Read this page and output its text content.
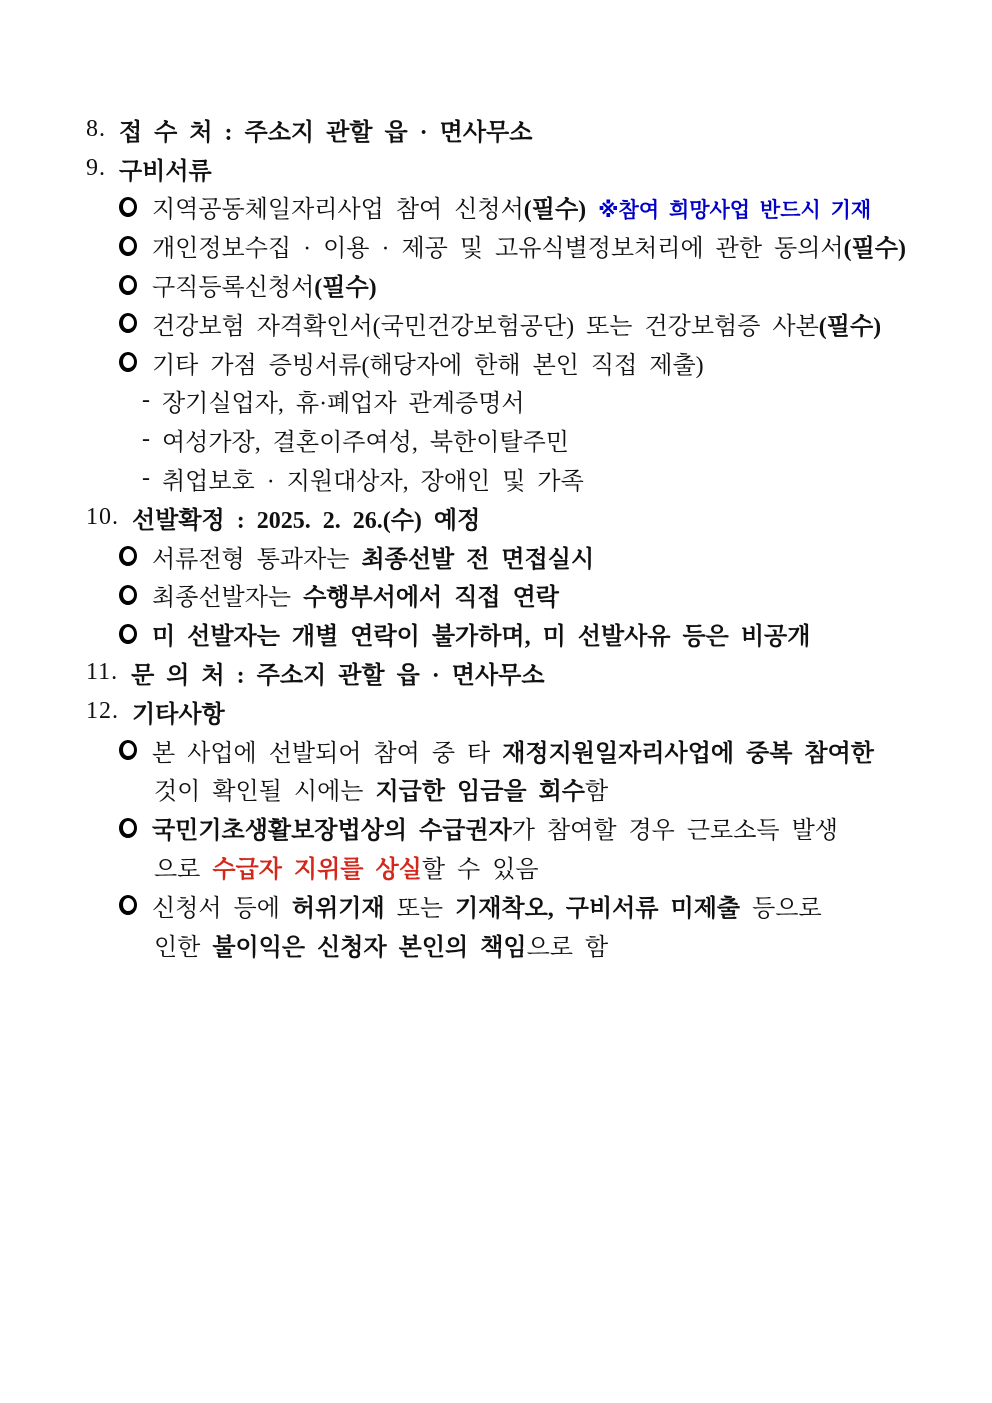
8. 접 수 처 : 주소지 관할 읍 · 면사무소
9. 구비서류
지역공동체일자리사업 참여 신청서(필수) ※참여 희망사업 반드시 기재
개인정보수집 · 이용 · 제공 및 고유식별정보처리에 관한 동의서(필수)
구직등록신청서(필수)
건강보험 자격확인서(국민건강보험공단) 또는 건강보험증 사본(필수)
기타 가점 증빙서류(해당자에 한해 본인 직접 제출)
- 장기실업자, 휴·폐업자 관계증명서
- 여성가장, 결혼이주여성, 북한이탈주민
- 취업보호 · 지원대상자, 장애인 및 가족
10. 선발확정 : 2025. 2. 26.(수) 예정
서류전형 통과자는 최종선발 전 면접실시
최종선발자는 수행부서에서 직접 연락
미 선발자는 개별 연락이 불가하며, 미 선발사유 등은 비공개
11. 문 의 처 : 주소지 관할 읍 · 면사무소
12. 기타사항
본 사업에 선발되어 참여 중 타 재정지원일자리사업에 중복 참여한
것이 확인될 시에는 지급한 임금을 회수함
국민기초생활보장법상의 수급권자가 참여할 경우 근로소득 발생
으로 수급자 지위를 상실할 수 있음
신청서 등에 허위기재 또는 기재착오, 구비서류 미제출 등으로
인한 불이익은 신청자 본인의 책임으로 함
